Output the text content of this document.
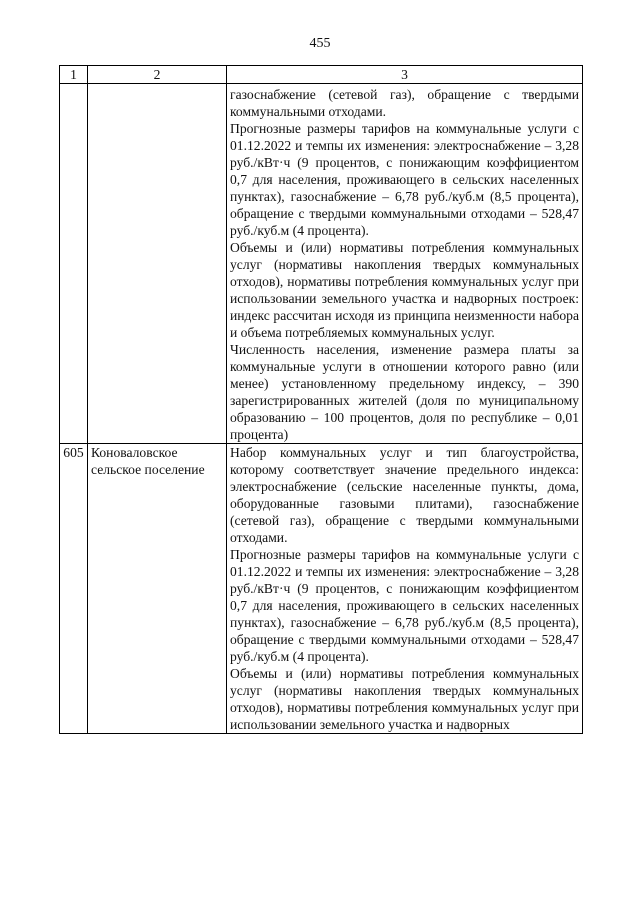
455
1	2	3

		газоснабжение (сетевой газ), обращение с твердыми коммунальными отходами.

Прогнозные размеры тарифов на коммунальные услуги с 01.12.2022 и темпы их изменения: электроснабжение – 3,28 руб./кВт·ч (9 процентов, с понижающим коэффициентом 0,7 для населения, проживающего в сельских населенных пунктах), газоснабжение – 6,78 руб./куб.м (8,5 процента), обращение с твердыми коммунальными отходами – 528,47 руб./куб.м (4 процента).

Объемы и (или) нормативы потребления коммунальных услуг (нормативы накопления твердых коммунальных отходов), нормативы потребления коммунальных услуг при использовании земельного участка и надворных построек: индекс рассчитан исходя из принципа неизменности набора и объема потребляемых коммунальных услуг.

Численность населения, изменение размера платы за коммунальные услуги в отношении которого равно (или менее) установленному предельному индексу, – 390 зарегистрированных жителей (доля по муниципальному образованию – 100 процентов, доля по республике – 0,01 процента)

605	Коноваловское сельское поселение	Набор коммунальных услуг и тип благоустройства, которому соответствует значение предельного индекса: электроснабжение (сельские населенные пункты, дома, оборудованные газовыми плитами), газоснабжение (сетевой газ), обращение с твердыми коммунальными отходами.

Прогнозные размеры тарифов на коммунальные услуги с 01.12.2022 и темпы их изменения: электроснабжение – 3,28 руб./кВт·ч (9 процентов, с понижающим коэффициентом 0,7 для населения, проживающего в сельских населенных пунктах), газоснабжение – 6,78 руб./куб.м (8,5 процента), обращение с твердыми коммунальными отходами – 528,47 руб./куб.м (4 процента).

Объемы и (или) нормативы потребления коммунальных услуг (нормативы накопления твердых коммунальных отходов), нормативы потребления коммунальных услуг при использовании земельного участка и надворных
